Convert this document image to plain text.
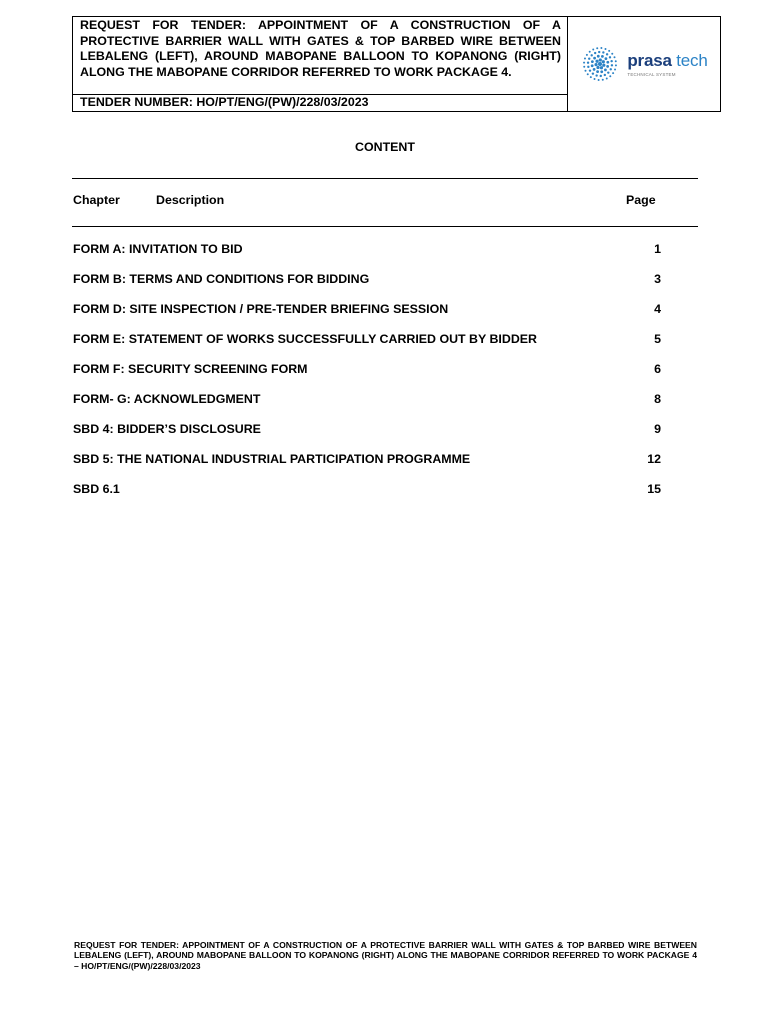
REQUEST FOR TENDER: APPOINTMENT OF A CONSTRUCTION OF A PROTECTIVE BARRIER WALL WITH GATES & TOP BARBED WIRE BETWEEN LEBALENG (LEFT), AROUND MABOPANE BALLOON TO KOPANONG (RIGHT) ALONG THE MABOPANE CORRIDOR REFERRED TO WORK PACKAGE 4.
TENDER NUMBER: HO/PT/ENG/(PW)/228/03/2023
prasa tech
TECHNICAL SYSTEM
CONTENT
Chapter	Description	Page
FORM A: INVITATION TO BID	1
FORM B: TERMS AND CONDITIONS FOR BIDDING	3
FORM D: SITE INSPECTION / PRE-TENDER BRIEFING SESSION	4
FORM E: STATEMENT OF WORKS SUCCESSFULLY CARRIED OUT BY BIDDER	5
FORM F: SECURITY SCREENING FORM	6
FORM- G: ACKNOWLEDGMENT	8
SBD 4: BIDDER’S DISCLOSURE	9
SBD 5: THE NATIONAL INDUSTRIAL PARTICIPATION PROGRAMME	12
SBD 6.1	15
REQUEST FOR TENDER: APPOINTMENT OF A CONSTRUCTION OF A PROTECTIVE BARRIER WALL WITH GATES & TOP BARBED WIRE BETWEEN LEBALENG (LEFT), AROUND MABOPANE BALLOON TO KOPANONG (RIGHT) ALONG THE MABOPANE CORRIDOR REFERRED TO WORK PACKAGE 4 – HO/PT/ENG/(PW)/228/03/2023
